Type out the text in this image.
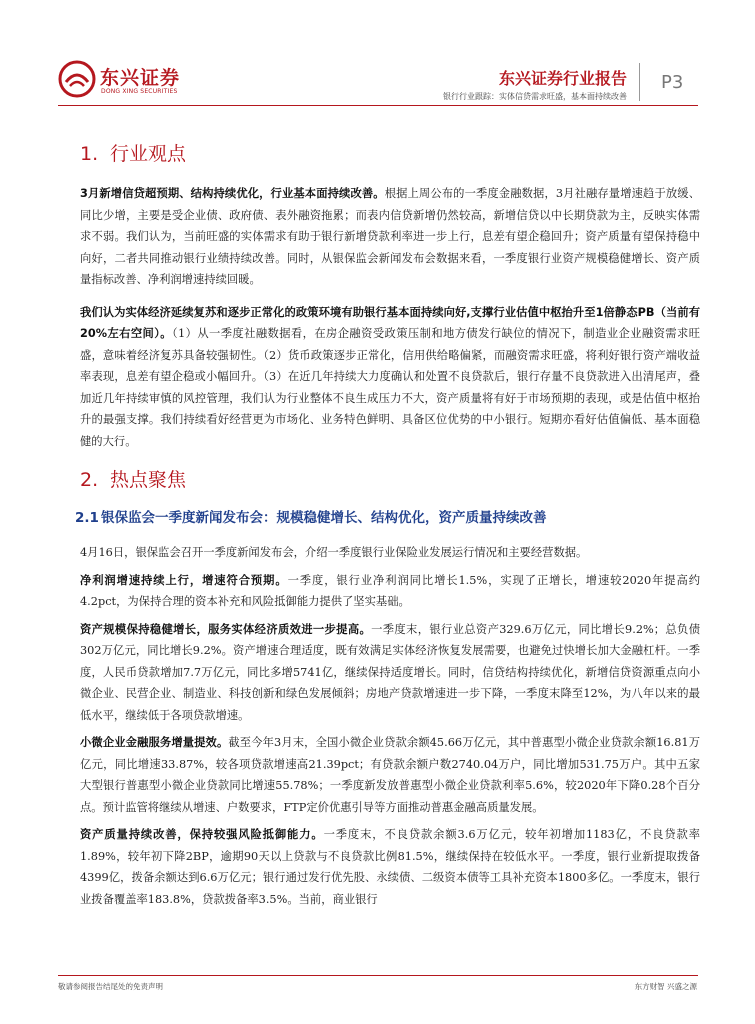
东兴证券
DONG XING SECURITIES
东兴证券行业报告
银行行业跟踪：实体信贷需求旺盛，基本面持续改善
P3
1. 行业观点

3月新增信贷超预期、结构持续优化，行业基本面持续改善。根据上周公布的一季度金融数据，3月社融存量增速趋于放缓、同比少增，主要是受企业债、政府债、表外融资拖累；而表内信贷新增仍然较高，新增信贷以中长期贷款为主，反映实体需求不弱。我们认为，当前旺盛的实体需求有助于银行新增贷款利率进一步上行，息差有望企稳回升；资产质量有望保持稳中向好，二者共同推动银行业绩持续改善。同时，从银保监会新闻发布会数据来看，一季度银行业资产规模稳健增长、资产质量指标改善、净利润增速持续回暖。

我们认为实体经济延续复苏和逐步正常化的政策环境有助银行基本面持续向好,支撑行业估值中枢抬升至1倍静态PB（当前有20%左右空间）。（1）从一季度社融数据看，在房企融资受政策压制和地方债发行缺位的情况下，制造业企业融资需求旺盛，意味着经济复苏具备较强韧性。（2）货币政策逐步正常化，信用供给略偏紧，而融资需求旺盛，将利好银行资产端收益率表现，息差有望企稳或小幅回升。（3）在近几年持续大力度确认和处置不良贷款后，银行存量不良贷款进入出清尾声，叠加近几年持续审慎的风控管理，我们认为行业整体不良生成压力不大，资产质量将有好于市场预期的表现，或是估值中枢抬升的最强支撑。我们持续看好经营更为市场化、业务特色鲜明、具备区位优势的中小银行。短期亦看好估值偏低、基本面稳健的大行。

2. 热点聚焦
2.1 银保监会一季度新闻发布会：规模稳健增长、结构优化，资产质量持续改善

4月16日，银保监会召开一季度新闻发布会，介绍一季度银行业保险业发展运行情况和主要经营数据。

净利润增速持续上行，增速符合预期。一季度，银行业净利润同比增长1.5%，实现了正增长，增速较2020年提高约4.2pct，为保持合理的资本补充和风险抵御能力提供了坚实基础。

资产规模保持稳健增长，服务实体经济质效进一步提高。一季度末，银行业总资产329.6万亿元，同比增长9.2%；总负债302万亿元，同比增长9.2%。资产增速合理适度，既有效满足实体经济恢复发展需要，也避免过快增长加大金融杠杆。一季度，人民币贷款增加7.7万亿元，同比多增5741亿，继续保持适度增长。同时，信贷结构持续优化，新增信贷资源重点向小微企业、民营企业、制造业、科技创新和绿色发展倾斜；房地产贷款增速进一步下降，一季度末降至12%，为八年以来的最低水平，继续低于各项贷款增速。

小微企业金融服务增量提效。截至今年3月末，全国小微企业贷款余额45.66万亿元，其中普惠型小微企业贷款余额16.81万亿元，同比增速33.87%，较各项贷款增速高21.39pct；有贷款余额户数2740.04万户，同比增加531.75万户。其中五家大型银行普惠型小微企业贷款同比增速55.78%；一季度新发放普惠型小微企业贷款利率5.6%，较2020年下降0.28个百分点。预计监管将继续从增速、户数要求，FTP定价优惠引导等方面推动普惠金融高质量发展。

资产质量持续改善，保持较强风险抵御能力。一季度末，不良贷款余额3.6万亿元，较年初增加1183亿，不良贷款率1.89%，较年初下降2BP，逾期90天以上贷款与不良贷款比例81.5%，继续保持在较低水平。一季度，银行业新提取拨备4399亿，拨备余额达到6.6万亿元；银行通过发行优先股、永续债、二级资本债等工具补充资本1800多亿。一季度末，银行业拨备覆盖率183.8%，贷款拨备率3.5%。当前，商业银行

敬请参阅报告结尾处的免责声明	东方财智 兴盛之源
